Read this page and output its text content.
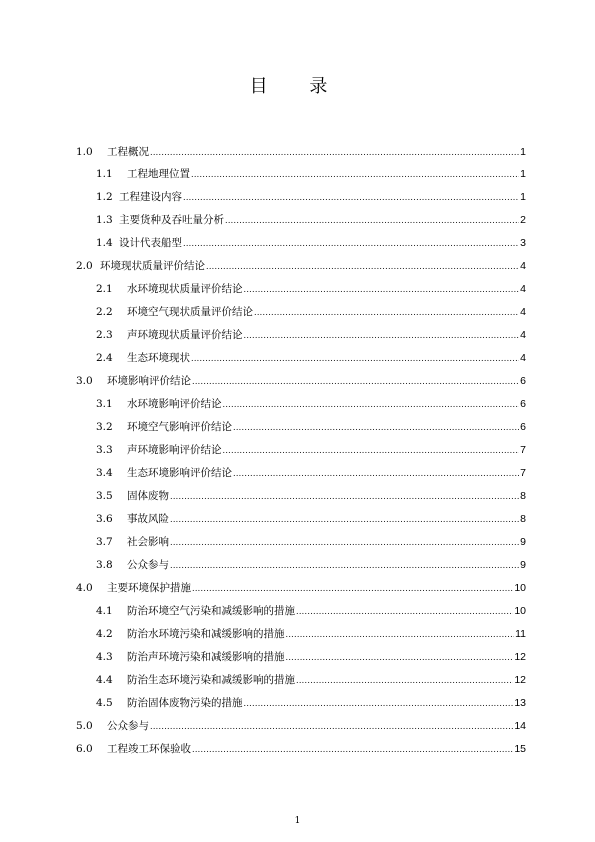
目 录
1.0	工程概况 .....	1
1.1	工程地理位置 .....	1
1.2 工程建设内容 .....	1
1.3 主要货种及吞吐量分析 .....	2
1.4 设计代表船型 .....	3
2.0 环境现状质量评价结论 .....	4
2.1	水环境现状质量评价结论 .....	4
2.2	环境空气现状质量评价结论 .....	4
2.3	声环境现状质量评价结论 .....	4
2.4	生态环境现状 .....	4
3.0	环境影响评价结论 .....	6
3.1	水环境影响评价结论 .....	6
3.2	环境空气影响评价结论 .....	6
3.3	声环境影响评价结论 .....	7
3.4	生态环境影响评价结论 .....	7
3.5	固体废物 .....	8
3.6	事故风险 .....	8
3.7	社会影响 .....	9
3.8	公众参与 .....	9
4.0	主要环境保护措施 .....	10
4.1	防治环境空气污染和减缓影响的措施 .....	10
4.2	防治水环境污染和减缓影响的措施 .....	11
4.3	防治声环境污染和减缓影响的措施 .....	12
4.4	防治生态环境污染和减缓影响的措施 .....	12
4.5	防治固体废物污染的措施 .....	13
5.0	公众参与 .....	14
6.0	工程竣工环保验收 .....	15
1
